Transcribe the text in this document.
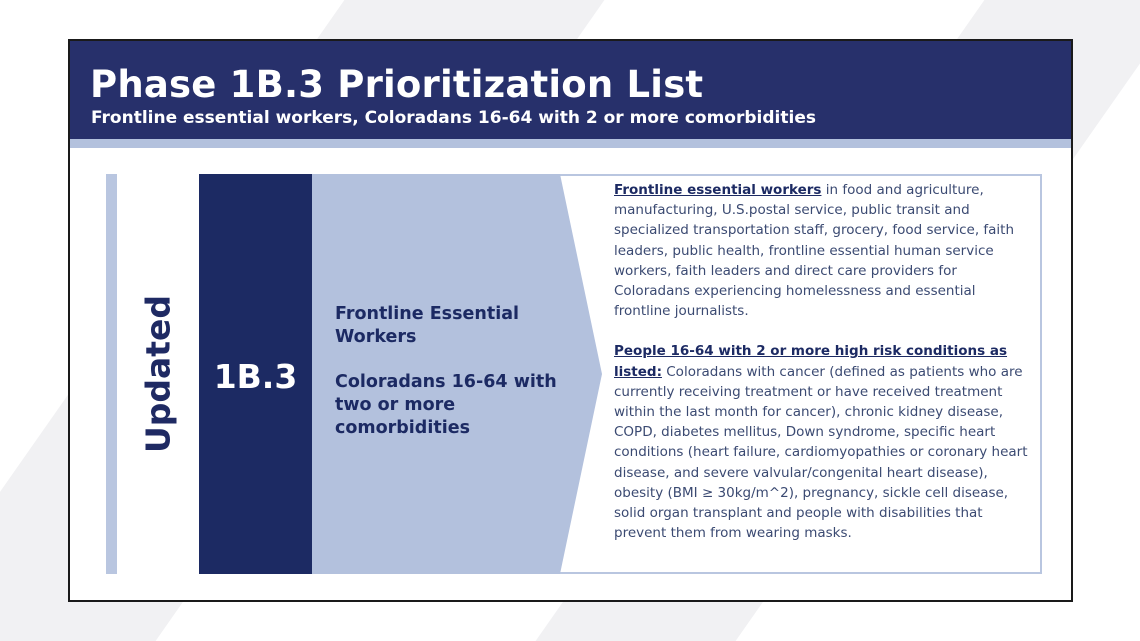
Phase 1B.3 Prioritization List
Frontline essential workers, Coloradans 16-64 with 2 or more comorbidities
Updated	1B.3
Frontline Essential
Workers
Coloradans 16-64 with
two or more
comorbidities

Frontline essential workers in food and agriculture, manufacturing, U.S.postal service, public transit and specialized transportation staff, grocery, food service, faith leaders, public health, frontline essential human service workers, faith leaders and direct care providers for Coloradans experiencing homelessness and essential frontline journalists.

People 16-64 with 2 or more high risk conditions as listed: Coloradans with cancer (defined as patients who are currently receiving treatment or have received treatment within the last month for cancer), chronic kidney disease, COPD, diabetes mellitus, Down syndrome, specific heart conditions (heart failure, cardiomyopathies or coronary heart disease, and severe valvular/congenital heart disease), obesity (BMI ≥ 30kg/m^2), pregnancy, sickle cell disease, solid organ transplant and people with disabilities that prevent them from wearing masks.
